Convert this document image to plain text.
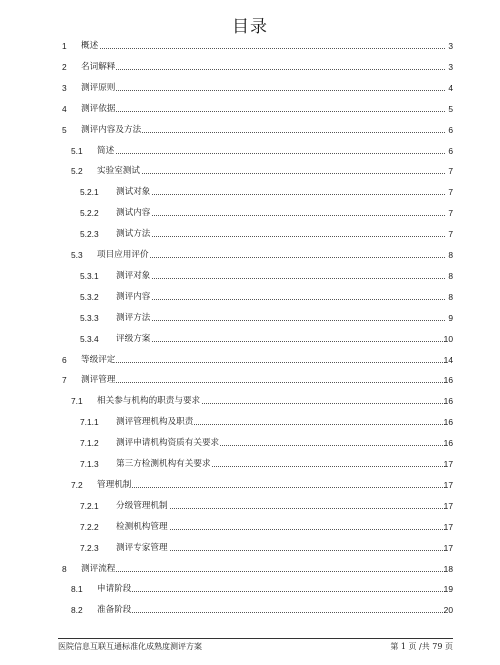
目录
1 概述	3
2 名词解释	3
3 测评原则	4
4 测评依据	5
5 测评内容及方法	6
5.1 简述	6
5.2 实验室测试	7
5.2.1 测试对象	7
5.2.2 测试内容	7
5.2.3 测试方法	7
5.3 项目应用评价	8
5.3.1 测评对象	8
5.3.2 测评内容	8
5.3.3 测评方法	9
5.3.4 评级方案	10
6 等级评定	14
7 测评管理	16
7.1 相关参与机构的职责与要求	16
7.1.1 测评管理机构及职责	16
7.1.2 测评申请机构资质有关要求	16
7.1.3 第三方检测机构有关要求	17
7.2 管理机制	17
7.2.1 分级管理机制	17
7.2.2 检测机构管理	17
7.2.3 测评专家管理	17
8 测评流程	18
8.1 申请阶段	19
8.2 准备阶段	20
医院信息互联互通标准化成熟度测评方案	第 1 页 /共 79 页
